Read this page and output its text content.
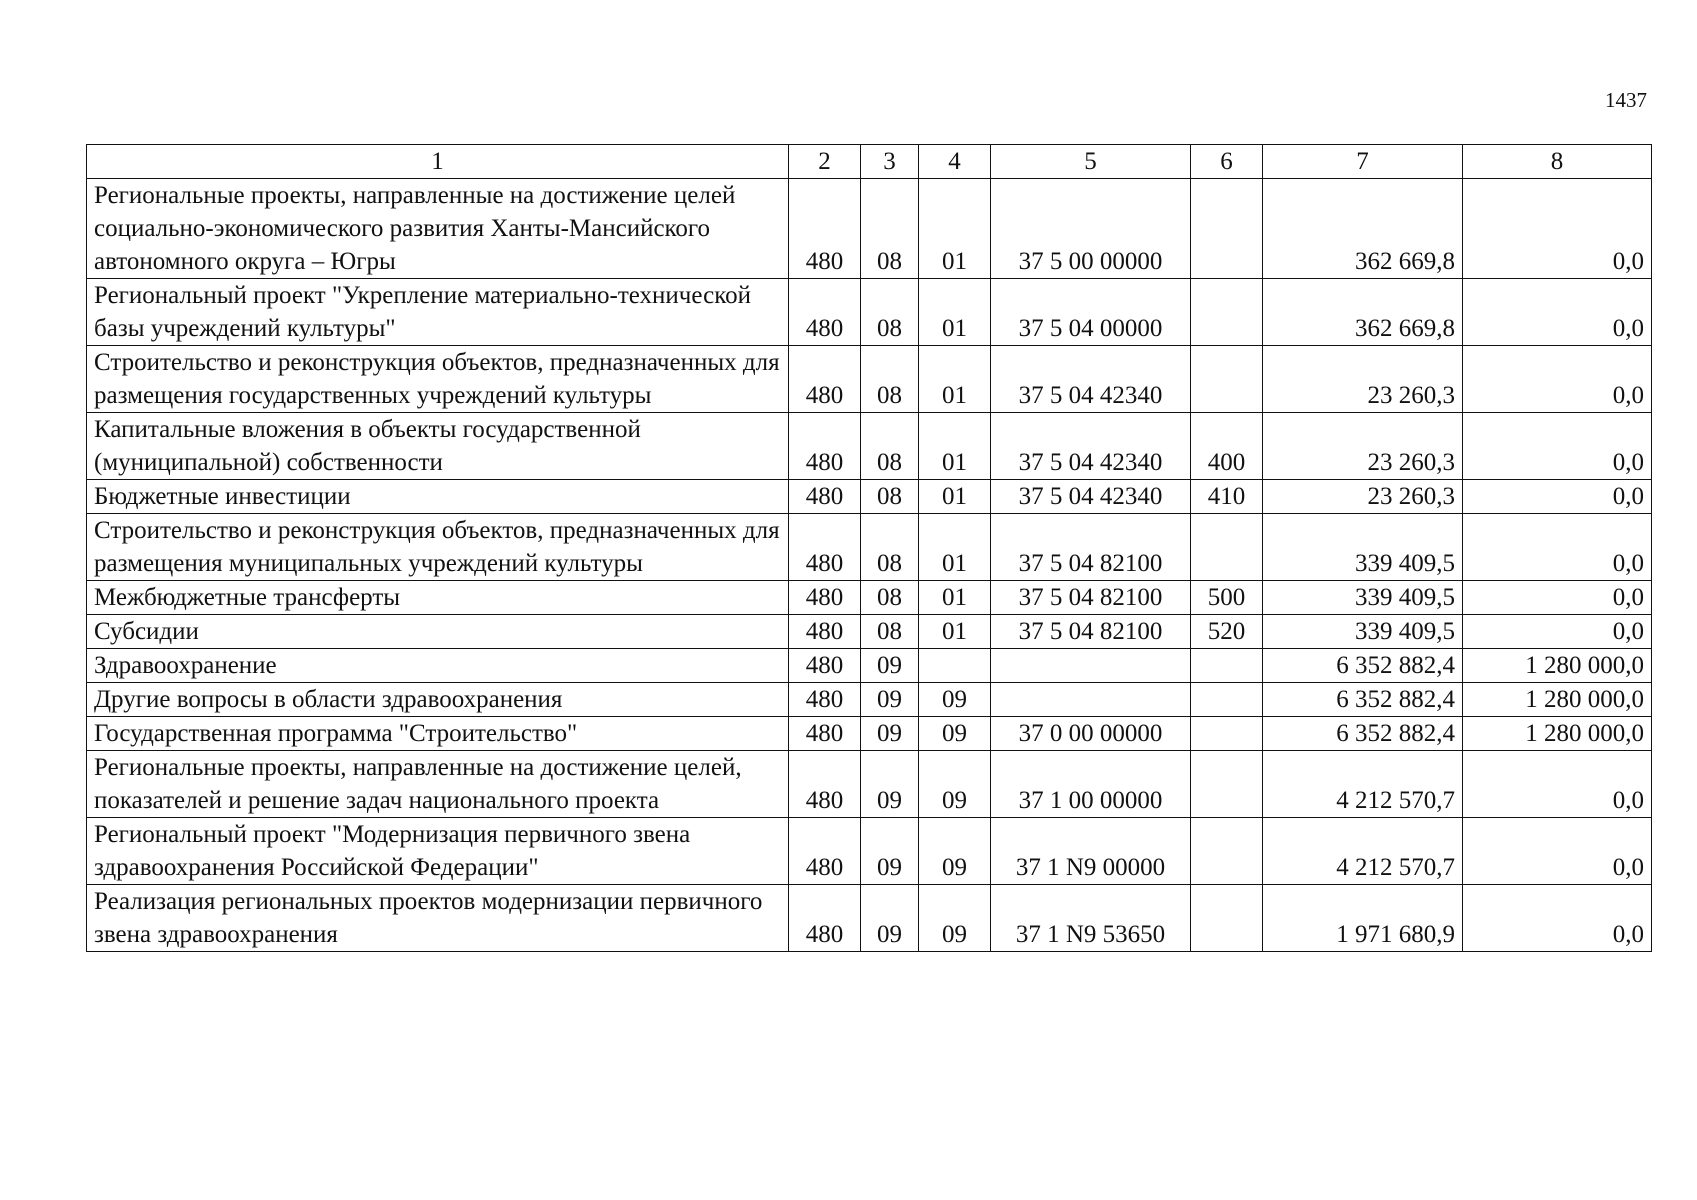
1437
1	2	3	4	5	6	7	8
Региональные проекты, направленные на достижение целей социально-экономического развития Ханты-Мансийского автономного округа – Югры	480	08	01	37 5 00 00000		362 669,8	0,0
Региональный проект "Укрепление материально-технической базы учреждений культуры"	480	08	01	37 5 04 00000		362 669,8	0,0
Строительство и реконструкция объектов, предназначенных для размещения государственных учреждений культуры	480	08	01	37 5 04 42340		23 260,3	0,0
Капитальные вложения в объекты государственной (муниципальной) собственности	480	08	01	37 5 04 42340	400	23 260,3	0,0
Бюджетные инвестиции	480	08	01	37 5 04 42340	410	23 260,3	0,0
Строительство и реконструкция объектов, предназначенных для размещения муниципальных учреждений культуры	480	08	01	37 5 04 82100		339 409,5	0,0
Межбюджетные трансферты	480	08	01	37 5 04 82100	500	339 409,5	0,0
Субсидии	480	08	01	37 5 04 82100	520	339 409,5	0,0
Здравоохранение	480	09				6 352 882,4	1 280 000,0
Другие вопросы в области здравоохранения	480	09	09			6 352 882,4	1 280 000,0
Государственная программа "Строительство"	480	09	09	37 0 00 00000		6 352 882,4	1 280 000,0
Региональные проекты, направленные на достижение целей, показателей и решение задач национального проекта	480	09	09	37 1 00 00000		4 212 570,7	0,0
Региональный проект "Модернизация первичного звена здравоохранения Российской Федерации"	480	09	09	37 1 N9 00000		4 212 570,7	0,0
Реализация региональных проектов модернизации первичного звена здравоохранения	480	09	09	37 1 N9 53650		1 971 680,9	0,0
